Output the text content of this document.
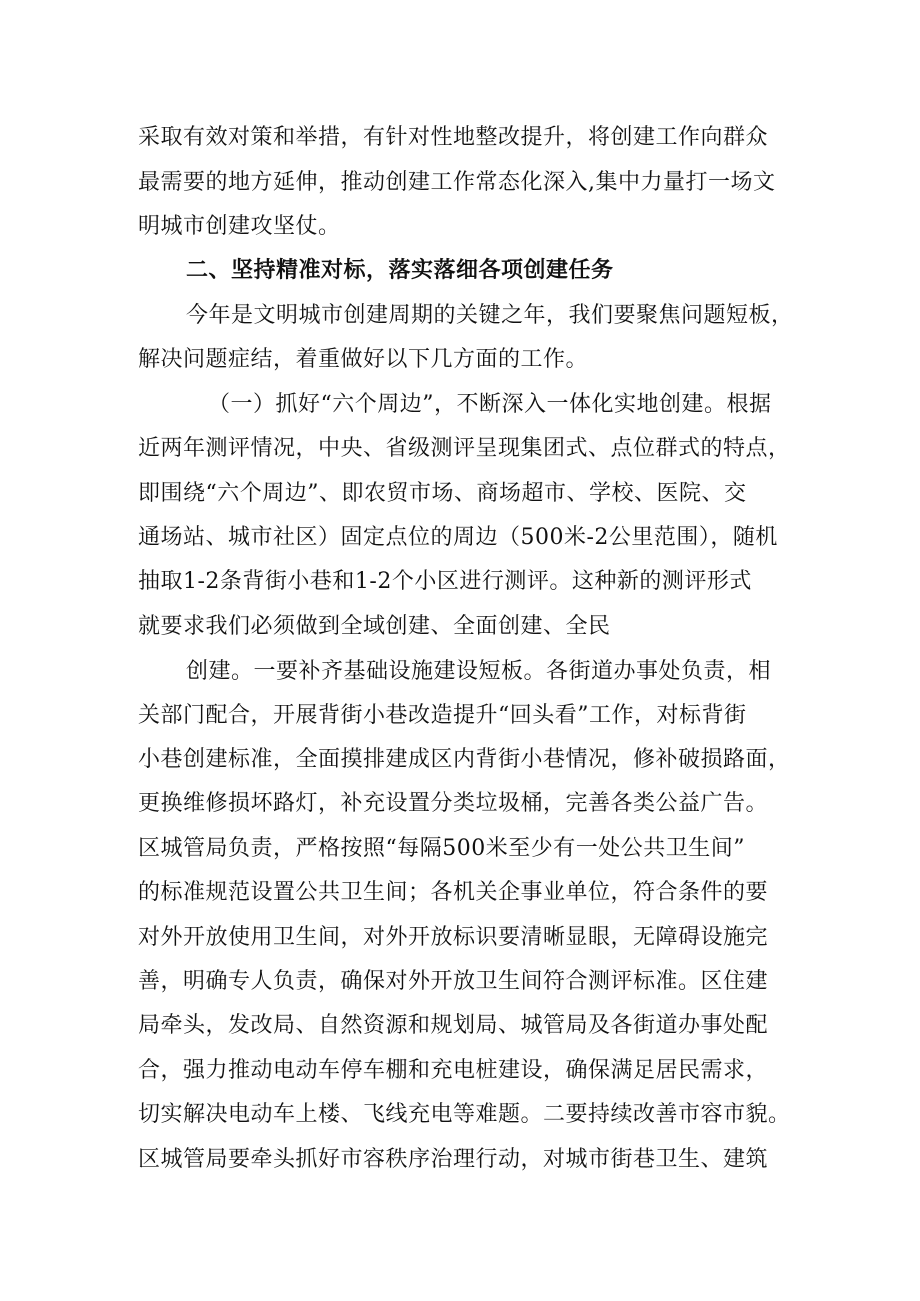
采取有效对策和举措，有针对性地整改提升，将创建工作向群众
最需要的地方延伸，推动创建工作常态化深入,集中力量打一场文
明城市创建攻坚仗。
二、坚持精准对标，落实落细各项创建任务
今年是文明城市创建周期的关键之年，我们要聚焦问题短板，
解决问题症结，着重做好以下几方面的工作。
（一）抓好“六个周边”，不断深入一体化实地创建。根据
近两年测评情况，中央、省级测评呈现集团式、点位群式的特点，
即围绕“六个周边”、即农贸市场、商场超市、学校、医院、交
通场站、城市社区）固定点位的周边（500米-2公里范围），随机
抽取1-2条背街小巷和1-2个小区进行测评。这种新的测评形式
就要求我们必须做到全域创建、全面创建、全民
创建。一要补齐基础设施建设短板。各街道办事处负责，相
关部门配合，开展背街小巷改造提升“回头看”工作，对标背街
小巷创建标准，全面摸排建成区内背街小巷情况，修补破损路面，
更换维修损坏路灯，补充设置分类垃圾桶，完善各类公益广告。
区城管局负责，严格按照“每隔500米至少有一处公共卫生间”
的标准规范设置公共卫生间；各机关企事业单位，符合条件的要
对外开放使用卫生间，对外开放标识要清晰显眼，无障碍设施完
善，明确专人负责，确保对外开放卫生间符合测评标准。区住建
局牵头，发改局、自然资源和规划局、城管局及各街道办事处配
合，强力推动电动车停车棚和充电桩建设，确保满足居民需求，
切实解决电动车上楼、飞线充电等难题。二要持续改善市容市貌。
区城管局要牵头抓好市容秩序治理行动，对城市街巷卫生、建筑
